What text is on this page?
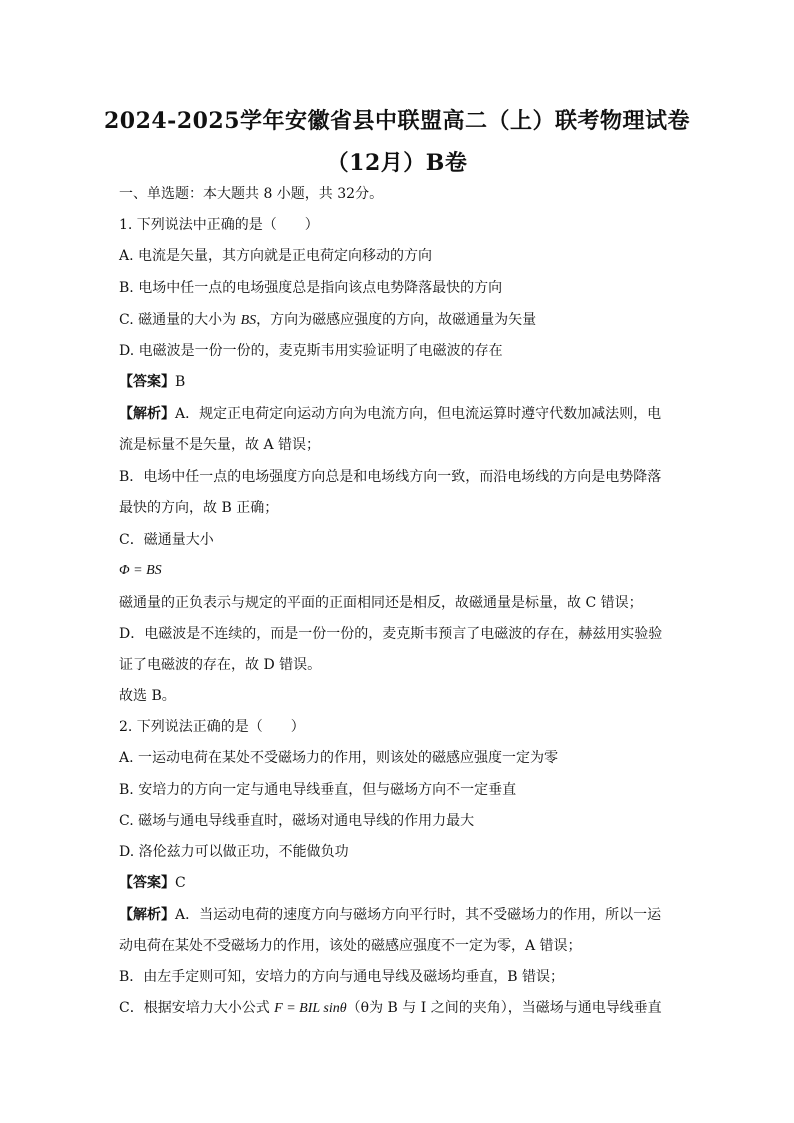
2024-2025学年安徽省县中联盟高二（上）联考物理试卷
（12月）B卷
一、单选题：本大题共 8 小题，共 32分。
1. 下列说法中正确的是（　　）
A. 电流是矢量，其方向就是正电荷定向移动的方向
B. 电场中任一点的电场强度总是指向该点电势降落最快的方向
C. 磁通量的大小为 BS，方向为磁感应强度的方向，故磁通量为矢量
D. 电磁波是一份一份的，麦克斯韦用实验证明了电磁波的存在
【答案】B
【解析】A．规定正电荷定向运动方向为电流方向，但电流运算时遵守代数加减法则，电
流是标量不是矢量，故 A 错误；
B．电场中任一点的电场强度方向总是和电场线方向一致，而沿电场线的方向是电势降落
最快的方向，故 B 正确；
C．磁通量大小
Φ = BS
磁通量的正负表示与规定的平面的正面相同还是相反，故磁通量是标量，故 C 错误；
D．电磁波是不连续的，而是一份一份的，麦克斯韦预言了电磁波的存在，赫兹用实验验
证了电磁波的存在，故 D 错误。
故选 B。
2. 下列说法正确的是（　　）
A. 一运动电荷在某处不受磁场力的作用，则该处的磁感应强度一定为零
B. 安培力的方向一定与通电导线垂直，但与磁场方向不一定垂直
C. 磁场与通电导线垂直时，磁场对通电导线的作用力最大
D. 洛伦兹力可以做正功，不能做负功
【答案】C
【解析】A．当运动电荷的速度方向与磁场方向平行时，其不受磁场力的作用，所以一运
动电荷在某处不受磁场力的作用，该处的磁感应强度不一定为零，A 错误；
B．由左手定则可知，安培力的方向与通电导线及磁场均垂直，B 错误；
C．根据安培力大小公式 F = BIL sinθ（θ为 B 与 I 之间的夹角），当磁场与通电导线垂直
